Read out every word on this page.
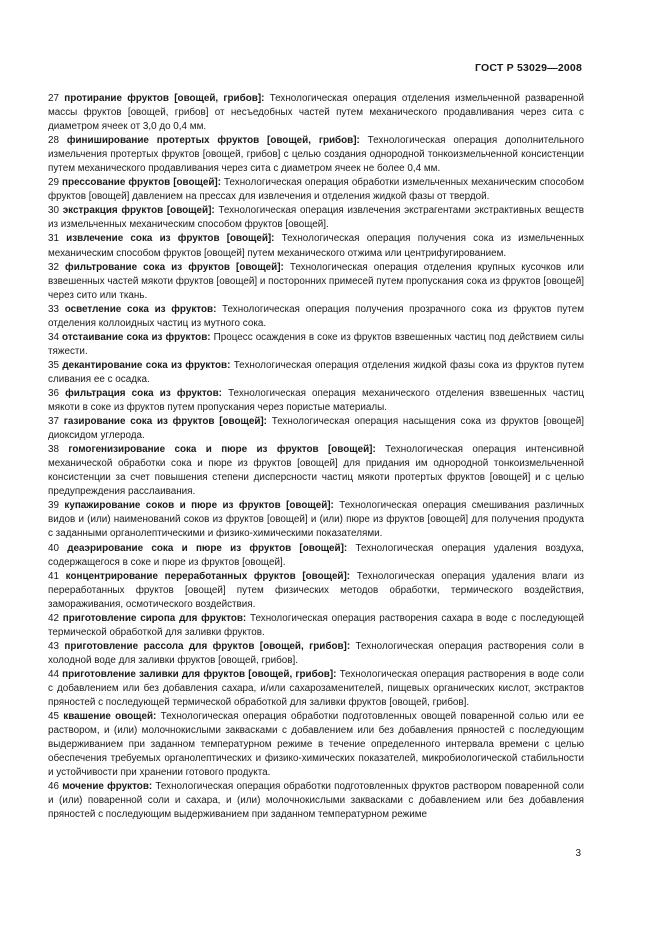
ГОСТ Р 53029—2008

27 протирание фруктов [овощей, грибов]: Технологическая операция отделения измельченной разваренной массы фруктов [овощей, грибов] от несъедобных частей путем механического продавливания через сита с диаметром ячеек от 3,0 до 0,4 мм.

28 финиширование протертых фруктов [овощей, грибов]: Технологическая операция дополнительного измельчения протертых фруктов [овощей, грибов] с целью создания однородной тонкоизмельченной консистенции путем механического продавливания через сита с диаметром ячеек не более 0,4 мм.

29 прессование фруктов [овощей]: Технологическая операция обработки измельченных механическим способом фруктов [овощей] давлением на прессах для извлечения и отделения жидкой фазы от твердой.

30 экстракция фруктов [овощей]: Технологическая операция извлечения экстрагентами экстрактивных веществ из измельченных механическим способом фруктов [овощей].

31 извлечение сока из фруктов [овощей]: Технологическая операция получения сока из измельченных механическим способом фруктов [овощей] путем механического отжима или центрифугированием.

32 фильтрование сока из фруктов [овощей]: Технологическая операция отделения крупных кусочков или взвешенных частей мякоти фруктов [овощей] и посторонних примесей путем пропускания сока из фруктов [овощей] через сито или ткань.

33 осветление сока из фруктов: Технологическая операция получения прозрачного сока из фруктов путем отделения коллоидных частиц из мутного сока.

34 отстаивание сока из фруктов: Процесс осаждения в соке из фруктов взвешенных частиц под действием силы тяжести.

35 декантирование сока из фруктов: Технологическая операция отделения жидкой фазы сока из фруктов путем сливания ее с осадка.

36 фильтрация сока из фруктов: Технологическая операция механического отделения взвешенных частиц мякоти в соке из фруктов путем пропускания через пористые материалы.

37 газирование сока из фруктов [овощей]: Технологическая операция насыщения сока из фруктов [овощей] диоксидом углерода.

38 гомогенизирование сока и пюре из фруктов [овощей]: Технологическая операция интенсивной механической обработки сока и пюре из фруктов [овощей] для придания им однородной тонкоизмельченной консистенции за счет повышения степени дисперсности частиц мякоти протертых фруктов [овощей] и с целью предупреждения расслаивания.

39 купажирование соков и пюре из фруктов [овощей]: Технологическая операция смешивания различных видов и (или) наименований соков из фруктов [овощей] и (или) пюре из фруктов [овощей] для получения продукта с заданными органолептическими и физико-химическими показателями.

40 деаэрирование сока и пюре из фруктов [овощей]: Технологическая операция удаления воздуха, содержащегося в соке и пюре из фруктов [овощей].

41 концентрирование переработанных фруктов [овощей]: Технологическая операция удаления влаги из переработанных фруктов [овощей] путем физических методов обработки, термического воздействия, замораживания, осмотического воздействия.

42 приготовление сиропа для фруктов: Технологическая операция растворения сахара в воде с последующей термической обработкой для заливки фруктов.

43 приготовление рассола для фруктов [овощей, грибов]: Технологическая операция растворения соли в холодной воде для заливки фруктов [овощей, грибов].

44 приготовление заливки для фруктов [овощей, грибов]: Технологическая операция растворения в воде соли с добавлением или без добавления сахара, и/или сахарозаменителей, пищевых органических кислот, экстрактов пряностей с последующей термической обработкой для заливки фруктов [овощей, грибов].

45 квашение овощей: Технологическая операция обработки подготовленных овощей поваренной солью или ее раствором, и (или) молочнокислыми заквасками с добавлением или без добавления пряностей с последующим выдерживанием при заданном температурном режиме в течение определенного интервала времени с целью обеспечения требуемых органолептических и физико-химических показателей, микробиологической стабильности и устойчивости при хранении готового продукта.

46 мочение фруктов: Технологическая операция обработки подготовленных фруктов раствором поваренной соли и (или) поваренной соли и сахара, и (или) молочнокислыми заквасками с добавлением или без добавления пряностей с последующим выдерживанием при заданном температурном режиме

3
